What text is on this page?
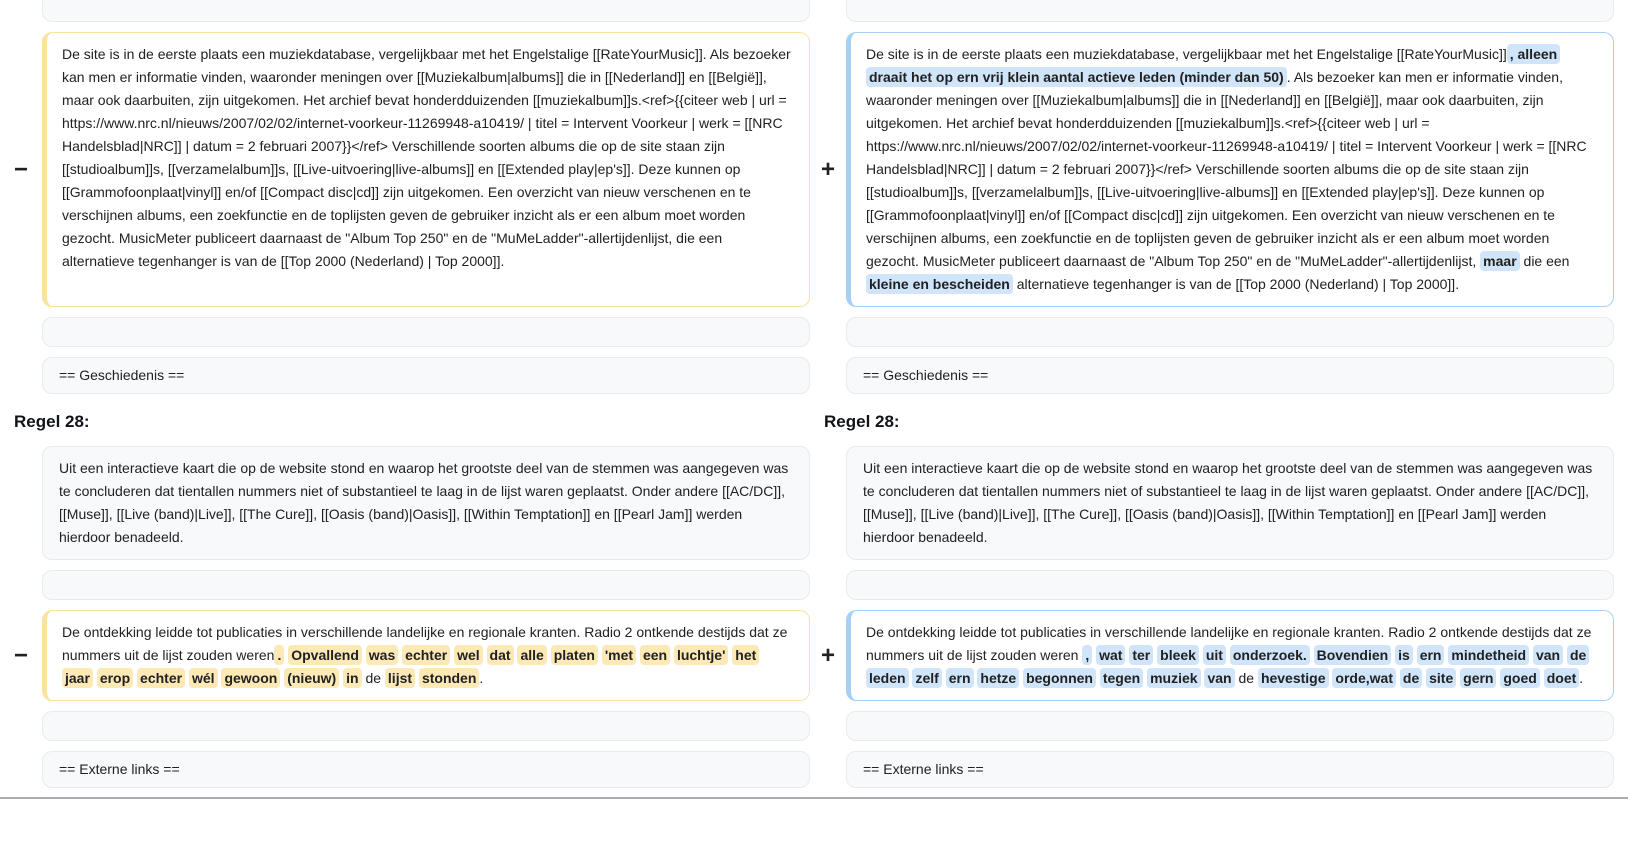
−

De site is in de eerste plaats een muziekdatabase, vergelijkbaar met het Engelstalige [[RateYourMusic]]. Als bezoeker kan men er informatie vinden, waaronder meningen over [[Muziekalbum|albums]] die in [[Nederland]] en [[België]], maar ook daarbuiten, zijn uitgekomen. Het archief bevat honderdduizenden [[muziekalbum]]s.<ref>{{citeer web | url = https://www.nrc.nl/nieuws/2007/02/02/internet-voorkeur-11269948-a10419/ | titel = Intervent Voorkeur | werk = [[NRC Handelsblad|NRC]] | datum = 2 februari 2007}}</ref> Verschillende soorten albums die op de site staan zijn [[studioalbum]]s, [[verzamelalbum]]s, [[Live-uitvoering|live-albums]] en [[Extended play|ep's]]. Deze kunnen op [[Grammofoonplaat|vinyl]] en/of [[Compact disc|cd]] zijn uitgekomen. Een overzicht van nieuw verschenen en te verschijnen albums, een zoekfunctie en de toplijsten geven de gebruiker inzicht als er een album moet worden gezocht. MusicMeter publiceert daarnaast de "Album Top 250" en de "MuMeLadder"-allertijdenlijst, die een alternatieve tegenhanger is van de [[Top 2000 (Nederland) | Top 2000]].

+

De site is in de eerste plaats een muziekdatabase, vergelijkbaar met het Engelstalige [[RateYourMusic]] , alleen draait het op ern vrij klein aantal actieve leden (minder dan 50) . Als bezoeker kan men er informatie vinden, waaronder meningen over [[Muziekalbum|albums]] die in [[Nederland]] en [[België]], maar ook daarbuiten, zijn uitgekomen. Het archief bevat honderdduizenden [[muziekalbum]]s.<ref>{{citeer web | url = https://www.nrc.nl/nieuws/2007/02/02/internet-voorkeur-11269948-a10419/ | titel = Intervent Voorkeur | werk = [[NRC Handelsblad|NRC]] | datum = 2 februari 2007}}</ref> Verschillende soorten albums die op de site staan zijn [[studioalbum]]s, [[verzamelalbum]]s, [[Live-uitvoering|live-albums]] en [[Extended play|ep's]]. Deze kunnen op [[Grammofoonplaat|vinyl]] en/of [[Compact disc|cd]] zijn uitgekomen. Een overzicht van nieuw verschenen en te verschijnen albums, een zoekfunctie en de toplijsten geven de gebruiker inzicht als er een album moet worden gezocht. MusicMeter publiceert daarnaast de "Album Top 250" en de "MuMeLadder"-allertijdenlijst, maar die een kleine en bescheiden alternatieve tegenhanger is van de [[Top 2000 (Nederland) | Top 2000]].

== Geschiedenis ==	== Geschiedenis ==

Regel 28:	Regel 28:

Uit een interactieve kaart die op de website stond en waarop het grootste deel van de stemmen was aangegeven was te concluderen dat tientallen nummers niet of substantieel te laag in de lijst waren geplaatst. Onder andere [[AC/DC]], [[Muse]], [[Live (band)|Live]], [[The Cure]], [[Oasis (band)|Oasis]], [[Within Temptation]] en [[Pearl Jam]] werden hierdoor benadeeld.

Uit een interactieve kaart die op de website stond en waarop het grootste deel van de stemmen was aangegeven was te concluderen dat tientallen nummers niet of substantieel te laag in de lijst waren geplaatst. Onder andere [[AC/DC]], [[Muse]], [[Live (band)|Live]], [[The Cure]], [[Oasis (band)|Oasis]], [[Within Temptation]] en [[Pearl Jam]] werden hierdoor benadeeld.

−

De ontdekking leidde tot publicaties in verschillende landelijke en regionale kranten. Radio 2 ontkende destijds dat ze nummers uit de lijst zouden weren . Opvallend was echter wel dat alle platen 'met een luchtje' het jaar erop echter wél gewoon (nieuw) in de lijst stonden .

+

De ontdekking leidde tot publicaties in verschillende landelijke en regionale kranten. Radio 2 ontkende destijds dat ze nummers uit de lijst zouden weren , wat ter bleek uit onderzoek. Bovendien is ern mindetheid van de leden zelf ern hetze begonnen tegen muziek van de hevestige orde,wat de site gern goed doet .

== Externe links ==	== Externe links ==
